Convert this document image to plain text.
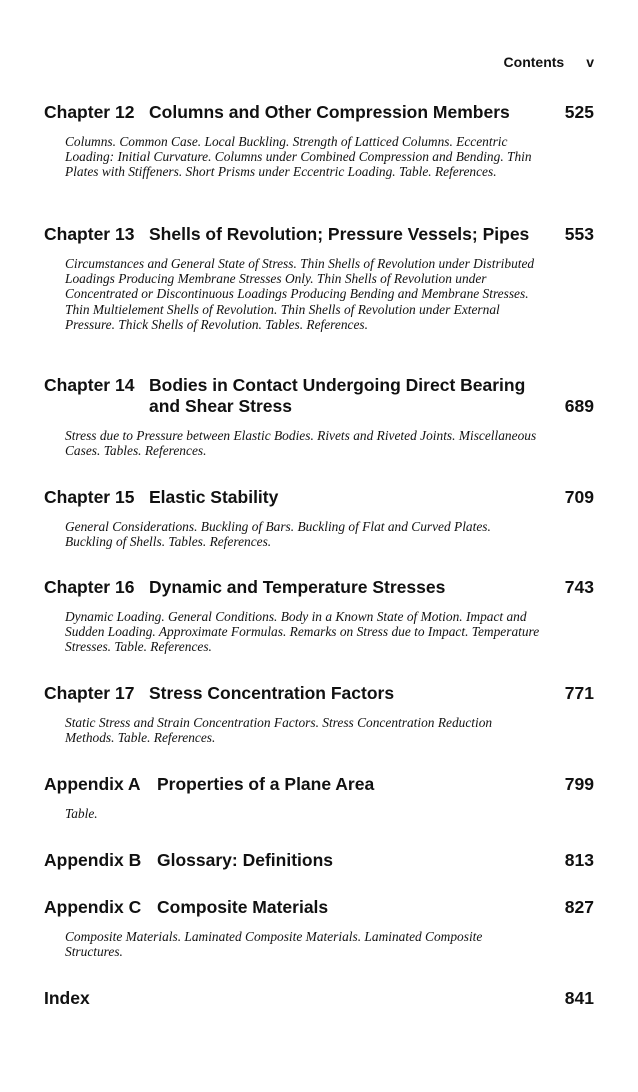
Contents v
Chapter 12 Columns and Other Compression Members	525
Columns. Common Case. Local Buckling. Strength of Latticed Columns. Eccentric Loading: Initial Curvature. Columns under Combined Compression and Bending. Thin Plates with Stiffeners. Short Prisms under Eccentric Loading. Table. References.
Chapter 13 Shells of Revolution; Pressure Vessels; Pipes	553
Circumstances and General State of Stress. Thin Shells of Revolution under Distributed Loadings Producing Membrane Stresses Only. Thin Shells of Revolution under Concentrated or Discontinuous Loadings Producing Bending and Membrane Stresses. Thin Multielement Shells of Revolution. Thin Shells of Revolution under External Pressure. Thick Shells of Revolution. Tables. References.
Chapter 14 Bodies in Contact Undergoing Direct Bearing and Shear Stress	689
Stress due to Pressure between Elastic Bodies. Rivets and Riveted Joints. Miscellaneous Cases. Tables. References.
Chapter 15 Elastic Stability	709
General Considerations. Buckling of Bars. Buckling of Flat and Curved Plates. Buckling of Shells. Tables. References.
Chapter 16 Dynamic and Temperature Stresses	743
Dynamic Loading. General Conditions. Body in a Known State of Motion. Impact and Sudden Loading. Approximate Formulas. Remarks on Stress due to Impact. Temperature Stresses. Table. References.
Chapter 17 Stress Concentration Factors	771
Static Stress and Strain Concentration Factors. Stress Concentration Reduction Methods. Table. References.
Appendix A Properties of a Plane Area	799
Table.
Appendix B Glossary: Definitions	813
Appendix C Composite Materials	827
Composite Materials. Laminated Composite Materials. Laminated Composite Structures.
Index	841
